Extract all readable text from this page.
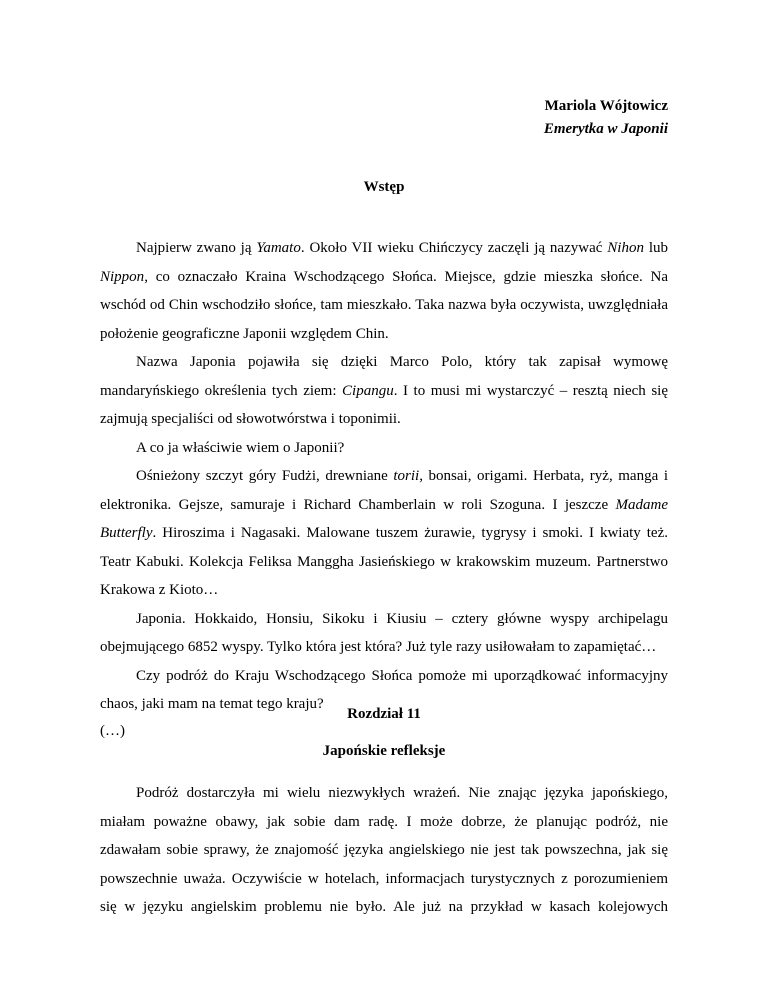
Mariola Wójtowicz
Emerytka w Japonii
Wstęp

Najpierw zwano ją Yamato. Około VII wieku Chińczycy zaczęli ją nazywać Nihon lub Nippon, co oznaczało Kraina Wschodzącego Słońca. Miejsce, gdzie mieszka słońce. Na wschód od Chin wschodziło słońce, tam mieszkało. Taka nazwa była oczywista, uwzględniała położenie geograficzne Japonii względem Chin.

Nazwa Japonia pojawiła się dzięki Marco Polo, który tak zapisał wymowę mandaryńskiego określenia tych ziem: Cipangu. I to musi mi wystarczyć – resztą niech się zajmują specjaliści od słowotwórstwa i toponimii.

A co ja właściwie wiem o Japonii?

Ośnieżony szczyt góry Fudżi, drewniane torii, bonsai, origami. Herbata, ryż, manga i elektronika. Gejsze, samuraje i Richard Chamberlain w roli Szoguna. I jeszcze Madame Butterfly. Hiroszima i Nagasaki. Malowane tuszem żurawie, tygrysy i smoki. I kwiaty też. Teatr Kabuki. Kolekcja Feliksa Manggha Jasieńskiego w krakowskim muzeum. Partnerstwo Krakowa z Kioto…

Japonia. Hokkaido, Honsiu, Sikoku i Kiusiu – cztery główne wyspy archipelagu obejmującego 6852 wyspy. Tylko która jest która? Już tyle razy usiłowałam to zapamiętać…

Czy podróż do Kraju Wschodzącego Słońca pomoże mi uporządkować informacyjny chaos, jaki mam na temat tego kraju?

(…)

Rozdział 11
Japońskie refleksje

Podróż dostarczyła mi wielu niezwykłych wrażeń. Nie znając języka japońskiego, miałam poważne obawy, jak sobie dam radę. I może dobrze, że planując podróż, nie zdawałam sobie sprawy, że znajomość języka angielskiego nie jest tak powszechna, jak się powszechnie uważa. Oczywiście w hotelach, informacjach turystycznych z porozumieniem się w języku angielskim problemu nie było. Ale już na przykład w kasach kolejowych
